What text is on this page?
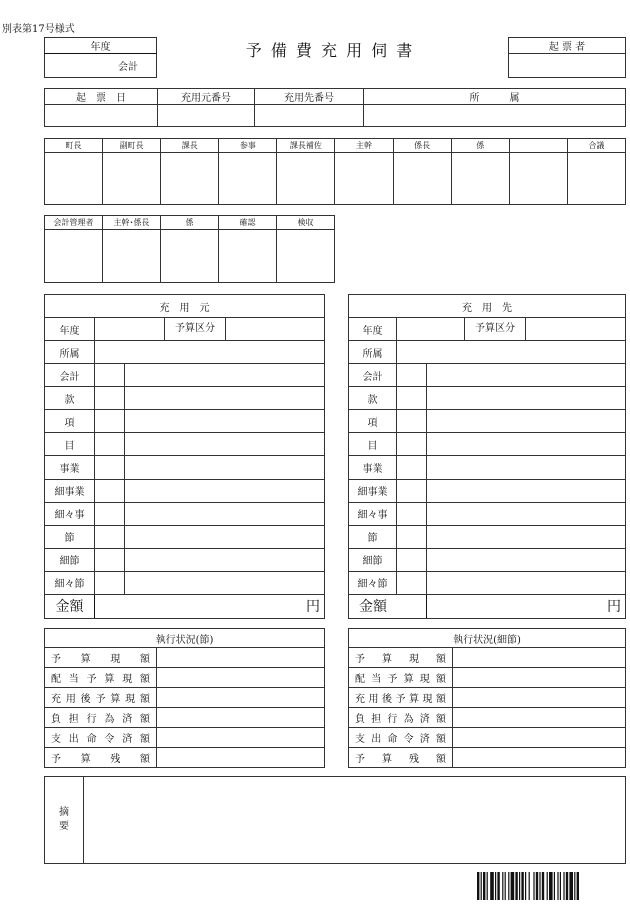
別表第17号様式
年度
会計
予 備 費 充 用 伺 書	起 票 者

起　票　日	充用元番号	充用先番号	所　　　属

町長	副町長	課長	参事	課長補佐	主幹	係長	係		合議

会計管理者	主幹･係長	係	確認	検収

充　用　元			
年度			予算区分
所属			
会計			
款			
項			
目			
事業			
細事業			
細々事			
節			
細節			
細々節			
金額	円		
充　用　先			
年度			予算区分
所属			
会計			
款			
項			
目			
事業			
細事業			
細々事			
節			
細節			
細々節			
金額		円	
執行状況(節)	
予算現額	
配当予算現額	
充用後予算現額	
負担行為済額	
支出命令済額	
予算残額	
執行状況(細節)	
予算現額	
配当予算現額	
充用後予算現額	
負担行為済額	
支出命令済額	
予算残額	
摘要	
